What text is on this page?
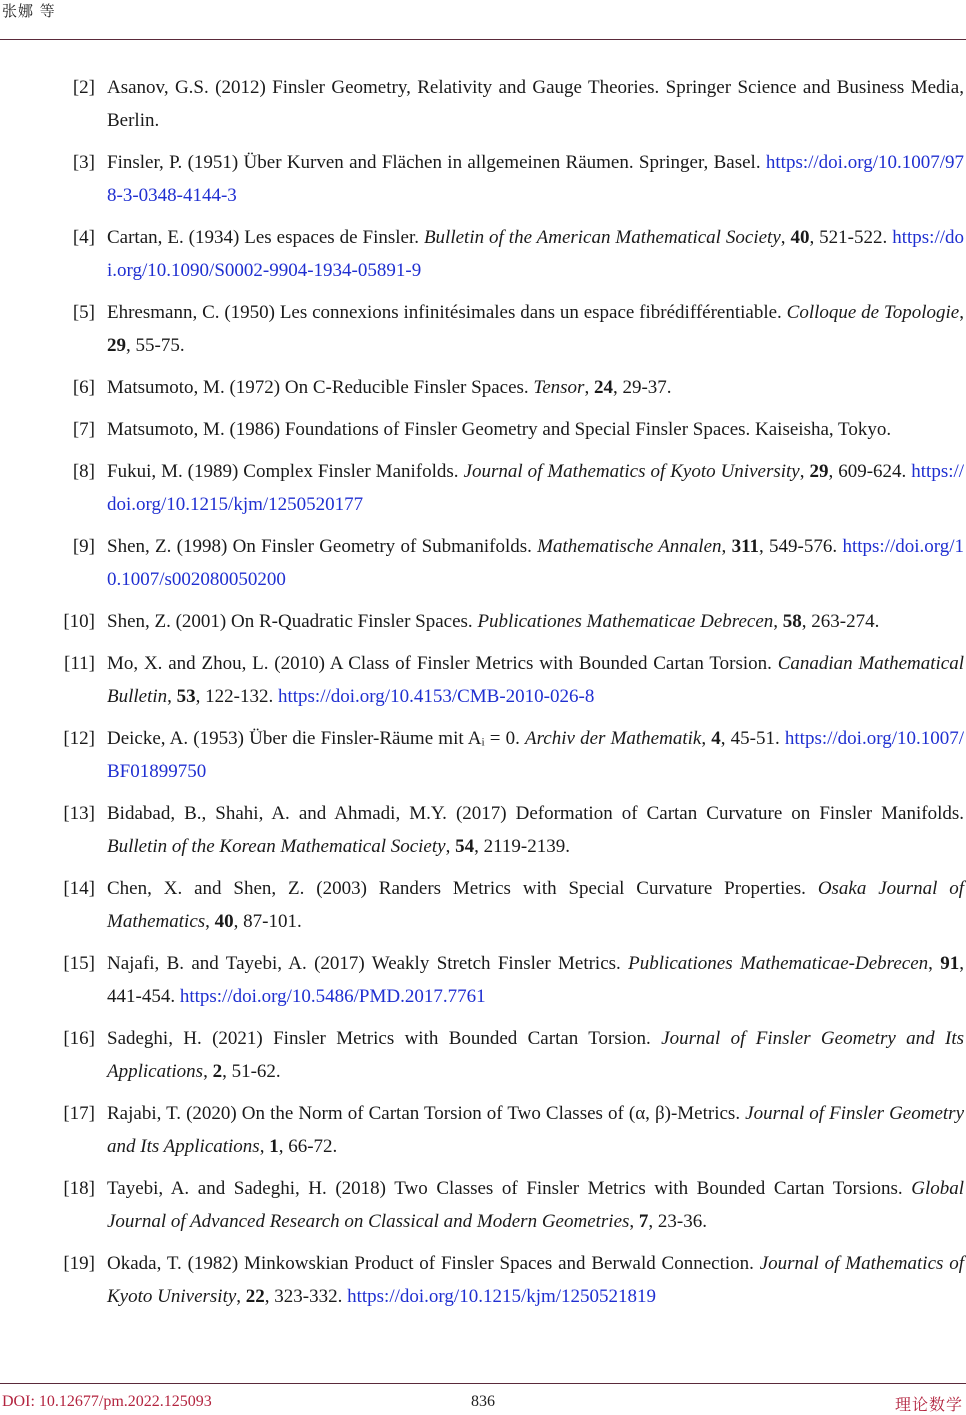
张娜 等
[2] Asanov, G.S. (2012) Finsler Geometry, Relativity and Gauge Theories. Springer Science and Business Media, Berlin.
[3] Finsler, P. (1951) Über Kurven and Flächen in allgemeinen Räumen. Springer, Basel. https://doi.org/10.1007/978-3-0348-4144-3
[4] Cartan, E. (1934) Les espaces de Finsler. Bulletin of the American Mathematical Society, 40, 521-522. https://doi.org/10.1090/S0002-9904-1934-05891-9
[5] Ehresmann, C. (1950) Les connexions infinitésimales dans un espace fibrédifférentiable. Colloque de Topologie, 29, 55-75.
[6] Matsumoto, M. (1972) On C-Reducible Finsler Spaces. Tensor, 24, 29-37.
[7] Matsumoto, M. (1986) Foundations of Finsler Geometry and Special Finsler Spaces. Kaiseisha, Tokyo.
[8] Fukui, M. (1989) Complex Finsler Manifolds. Journal of Mathematics of Kyoto University, 29, 609-624. https://doi.org/10.1215/kjm/1250520177
[9] Shen, Z. (1998) On Finsler Geometry of Submanifolds. Mathematische Annalen, 311, 549-576. https://doi.org/10.1007/s002080050200
[10] Shen, Z. (2001) On R-Quadratic Finsler Spaces. Publicationes Mathematicae Debrecen, 58, 263-274.
[11] Mo, X. and Zhou, L. (2010) A Class of Finsler Metrics with Bounded Cartan Torsion. Canadian Mathematical Bulletin, 53, 122-132. https://doi.org/10.4153/CMB-2010-026-8
[12] Deicke, A. (1953) Über die Finsler-Räume mit Aᵢ = 0. Archiv der Mathematik, 4, 45-51. https://doi.org/10.1007/BF01899750
[13] Bidabad, B., Shahi, A. and Ahmadi, M.Y. (2017) Deformation of Cartan Curvature on Finsler Manifolds. Bulletin of the Korean Mathematical Society, 54, 2119-2139.
[14] Chen, X. and Shen, Z. (2003) Randers Metrics with Special Curvature Properties. Osaka Journal of Mathematics, 40, 87-101.
[15] Najafi, B. and Tayebi, A. (2017) Weakly Stretch Finsler Metrics. Publicationes Mathematicae-Debrecen, 91, 441-454. https://doi.org/10.5486/PMD.2017.7761
[16] Sadeghi, H. (2021) Finsler Metrics with Bounded Cartan Torsion. Journal of Finsler Geometry and Its Applications, 2, 51-62.
[17] Rajabi, T. (2020) On the Norm of Cartan Torsion of Two Classes of (α, β)-Metrics. Journal of Finsler Geometry and Its Applications, 1, 66-72.
[18] Tayebi, A. and Sadeghi, H. (2018) Two Classes of Finsler Metrics with Bounded Cartan Torsions. Global Journal of Advanced Research on Classical and Modern Geometries, 7, 23-36.
[19] Okada, T. (1982) Minkowskian Product of Finsler Spaces and Berwald Connection. Journal of Mathematics of Kyoto University, 22, 323-332. https://doi.org/10.1215/kjm/1250521819
DOI: 10.12677/pm.2022.125093	836	理论数学
